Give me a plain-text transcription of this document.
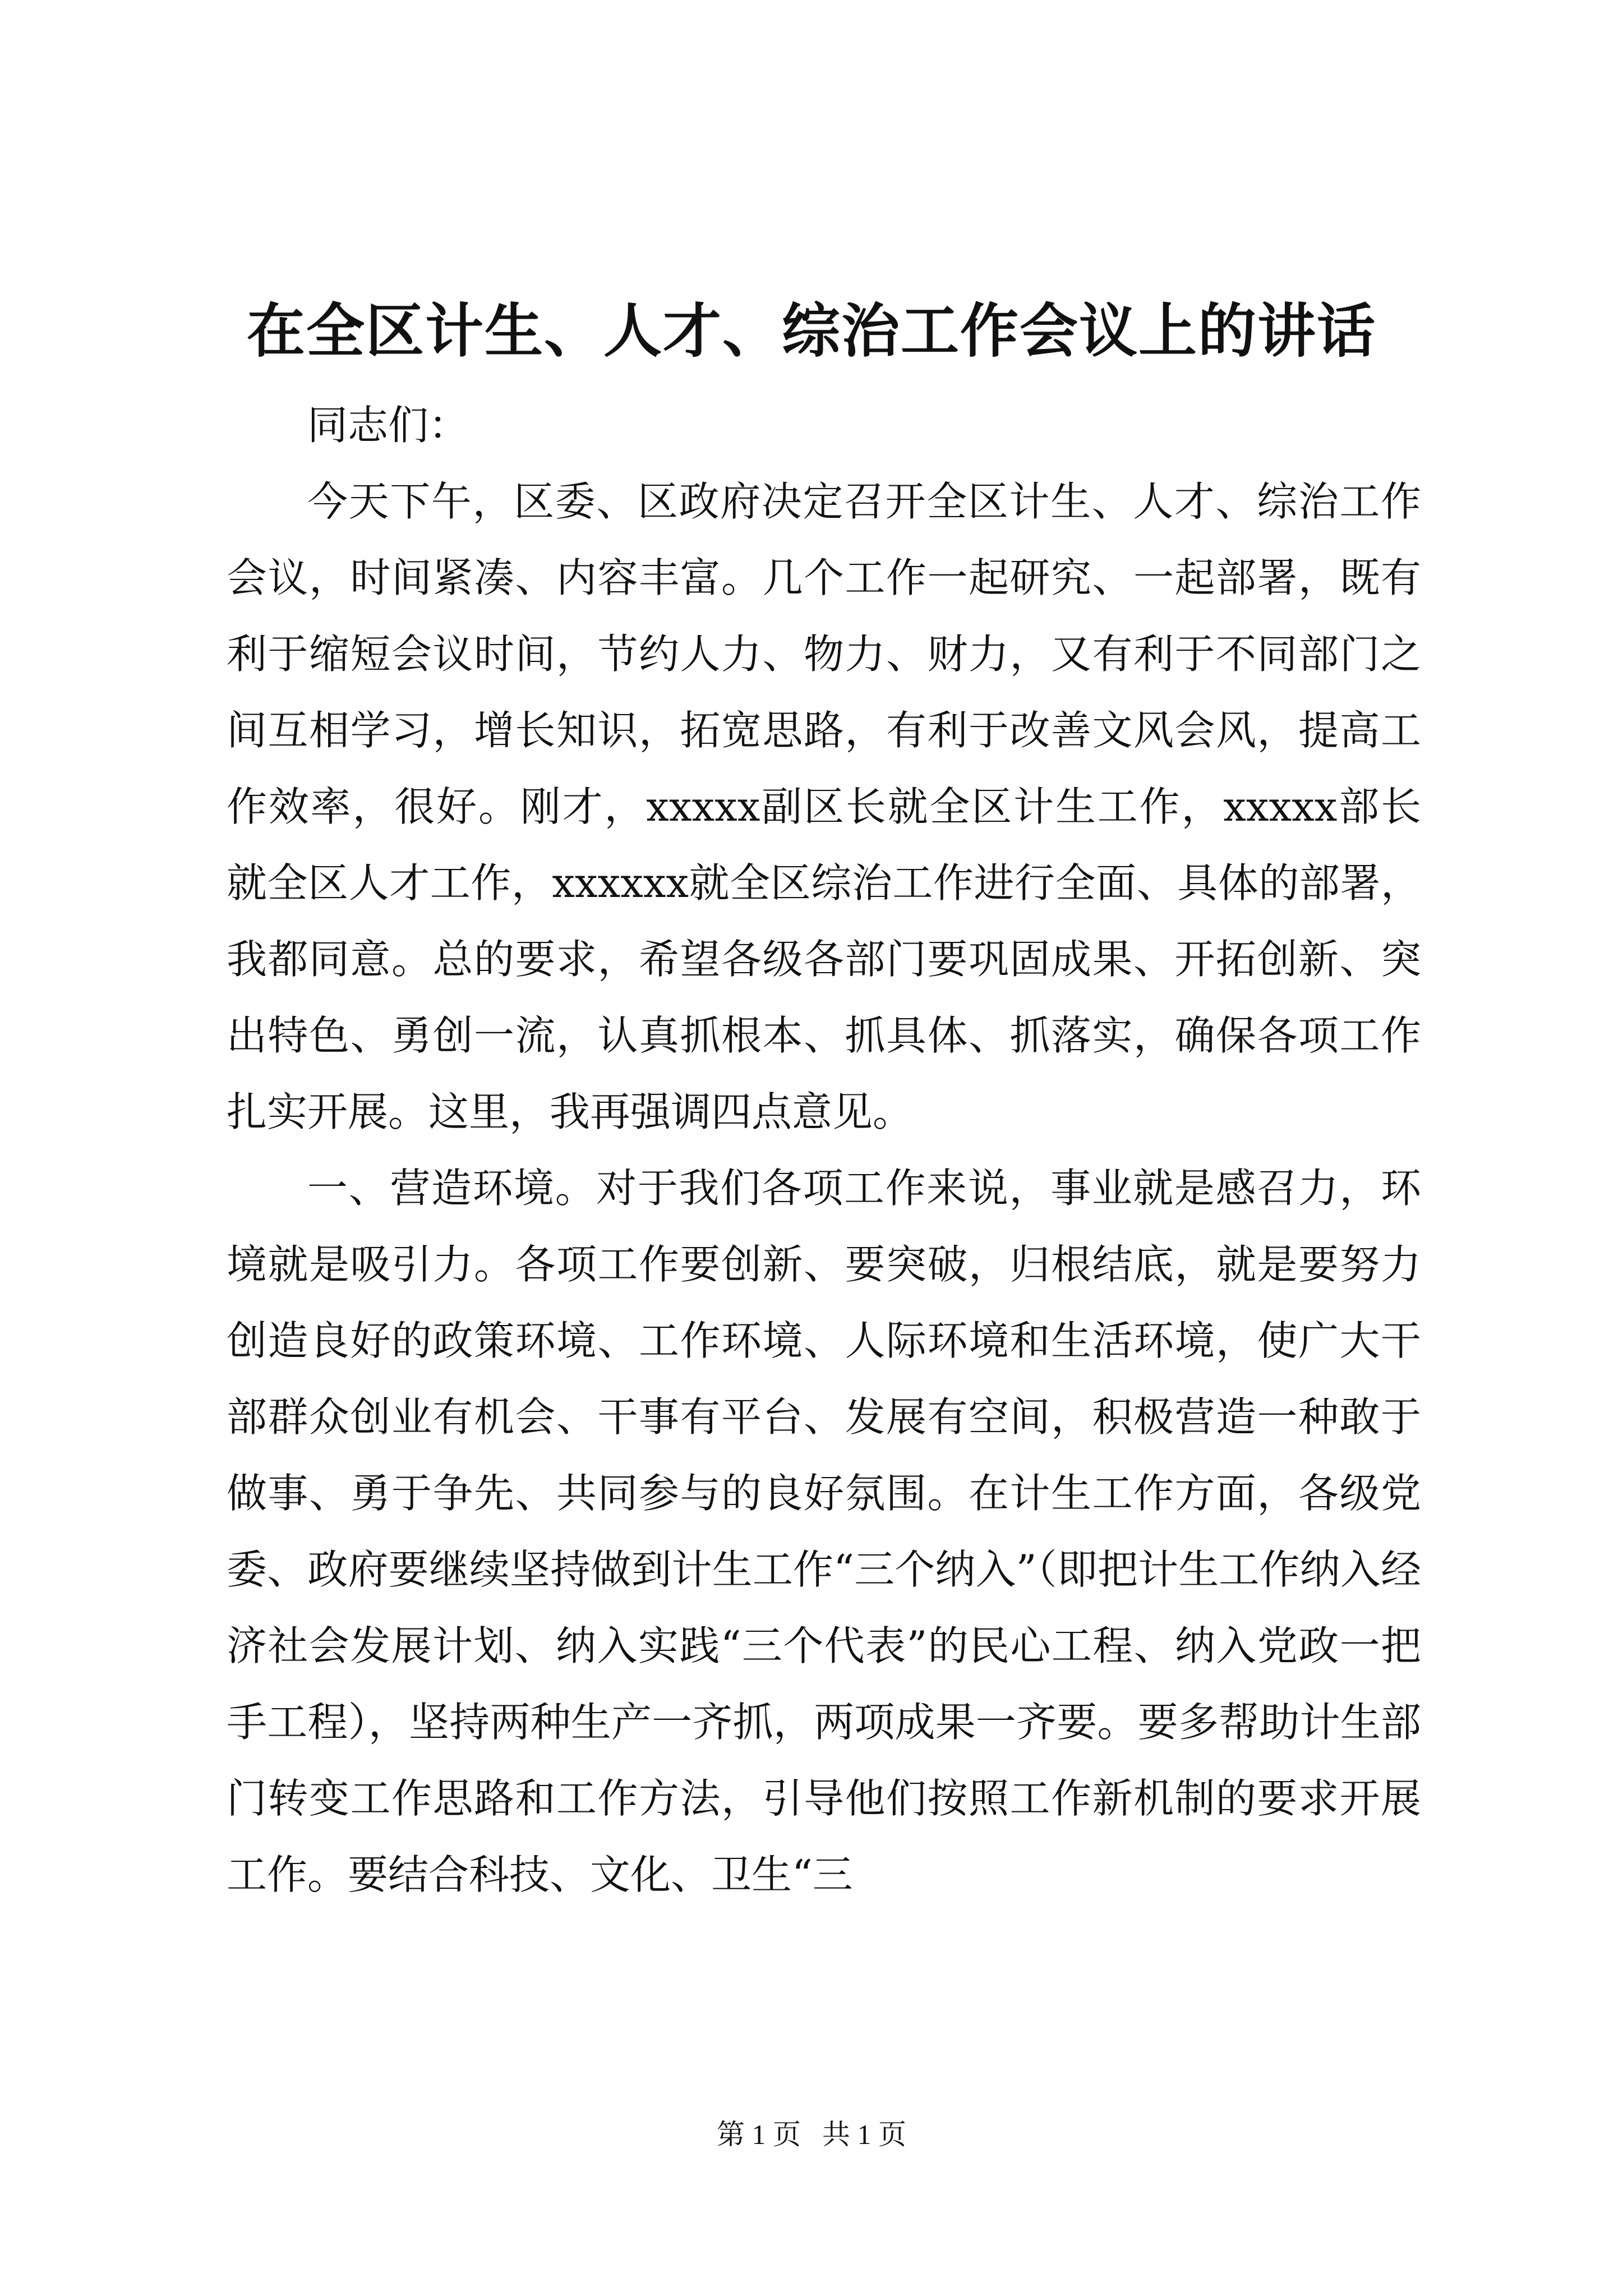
在全区计生、人才、综治工作会议上的讲话

同志们：

今天下午，区委、区政府决定召开全区计生、人才、综治工作会议，时间紧凑、内容丰富。几个工作一起研究、一起部署，既有利于缩短会议时间，节约人力、物力、财力，又有利于不同部门之间互相学习，增长知识，拓宽思路，有利于改善文风会风，提高工作效率，很好。刚才，xxxxx副区长就全区计生工作，xxxxx部长就全区人才工作，xxxxxx就全区综治工作进行全面、具体的部署，我都同意。总的要求，希望各级各部门要巩固成果、开拓创新、突出特色、勇创一流，认真抓根本、抓具体、抓落实，确保各项工作扎实开展。这里，我再强调四点意见。

一、营造环境。对于我们各项工作来说，事业就是感召力，环境就是吸引力。各项工作要创新、要突破，归根结底，就是要努力创造良好的政策环境、工作环境、人际环境和生活环境，使广大干部群众创业有机会、干事有平台、发展有空间，积极营造一种敢于做事、勇于争先、共同参与的良好氛围。在计生工作方面，各级党委、政府要继续坚持做到计生工作“三个纳入”（即把计生工作纳入经济社会发展计划、纳入实践“三个代表”的民心工程、纳入党政一把手工程），坚持两种生产一齐抓，两项成果一齐要。要多帮助计生部门转变工作思路和工作方法，引导他们按照工作新机制的要求开展工作。要结合科技、文化、卫生“三

第 1 页 共 1 页
